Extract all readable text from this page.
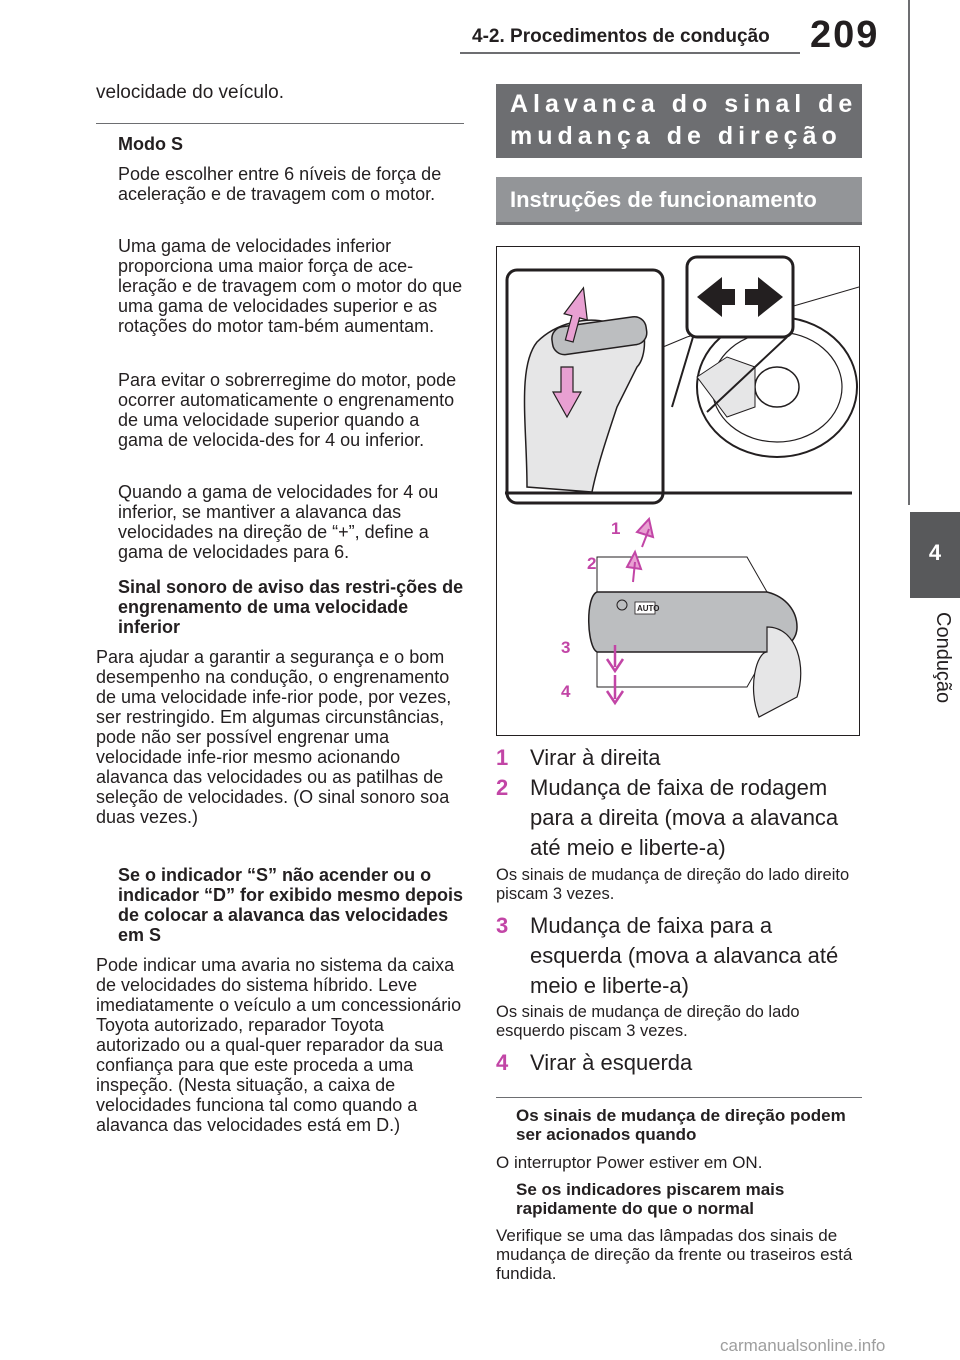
4-2. Procedimentos de condução 209
4
Condução
velocidade do veículo.
Modo S
Pode escolher entre 6 níveis de força de aceleração e de travagem com o motor.
Uma gama de velocidades inferior proporciona uma maior força de ace-leração e de travagem com o motor do que uma gama de velocidades superior e as rotações do motor tam-bém aumentam.
Para evitar o sobrerregime do motor, pode ocorrer automaticamente o engrenamento de uma velocidade superior quando a gama de velocida-des for 4 ou inferior.
Quando a gama de velocidades for 4 ou inferior, se mantiver a alavanca das velocidades na direção de “+”, define a gama de velocidades para 6.
Sinal sonoro de aviso das restri-ções de engrenamento de uma velocidade inferior
Para ajudar a garantir a segurança e o bom desempenho na condução, o engrenamento de uma velocidade infe-rior pode, por vezes, ser restringido. Em algumas circunstâncias, pode não ser possível engrenar uma velocidade infe-rior mesmo acionando alavanca das velocidades ou as patilhas de seleção de velocidades. (O sinal sonoro soa duas vezes.)
Se o indicador “S” não acender ou o indicador “D” for exibido mesmo depois de colocar a alavanca das velocidades em S
Pode indicar uma avaria no sistema da caixa de velocidades do sistema híbrido. Leve imediatamente o veículo a um concessionário Toyota autorizado, reparador Toyota autorizado ou a qual-quer reparador da sua confiança para que este proceda a uma inspeção. (Nesta situação, a caixa de velocidades funciona tal como quando a alavanca das velocidades está em D.)
Alavanca do sinal de
mudança de direção
Instruções de funcionamento
AUTO
1
2
3
4
1 Virar à direita
2 Mudança de faixa de rodagem para a direita (mova a alavanca até meio e liberte-a)
Os sinais de mudança de direção do lado direito piscam 3 vezes.
3 Mudança de faixa para a esquerda (mova a alavanca até meio e liberte-a)
Os sinais de mudança de direção do lado esquerdo piscam 3 vezes.
4 Virar à esquerda
Os sinais de mudança de direção podem ser acionados quando
O interruptor Power estiver em ON.
Se os indicadores piscarem mais rapidamente do que o normal
Verifique se uma das lâmpadas dos sinais de mudança de direção da frente ou traseiros está fundida.
carmanualsonline.info
